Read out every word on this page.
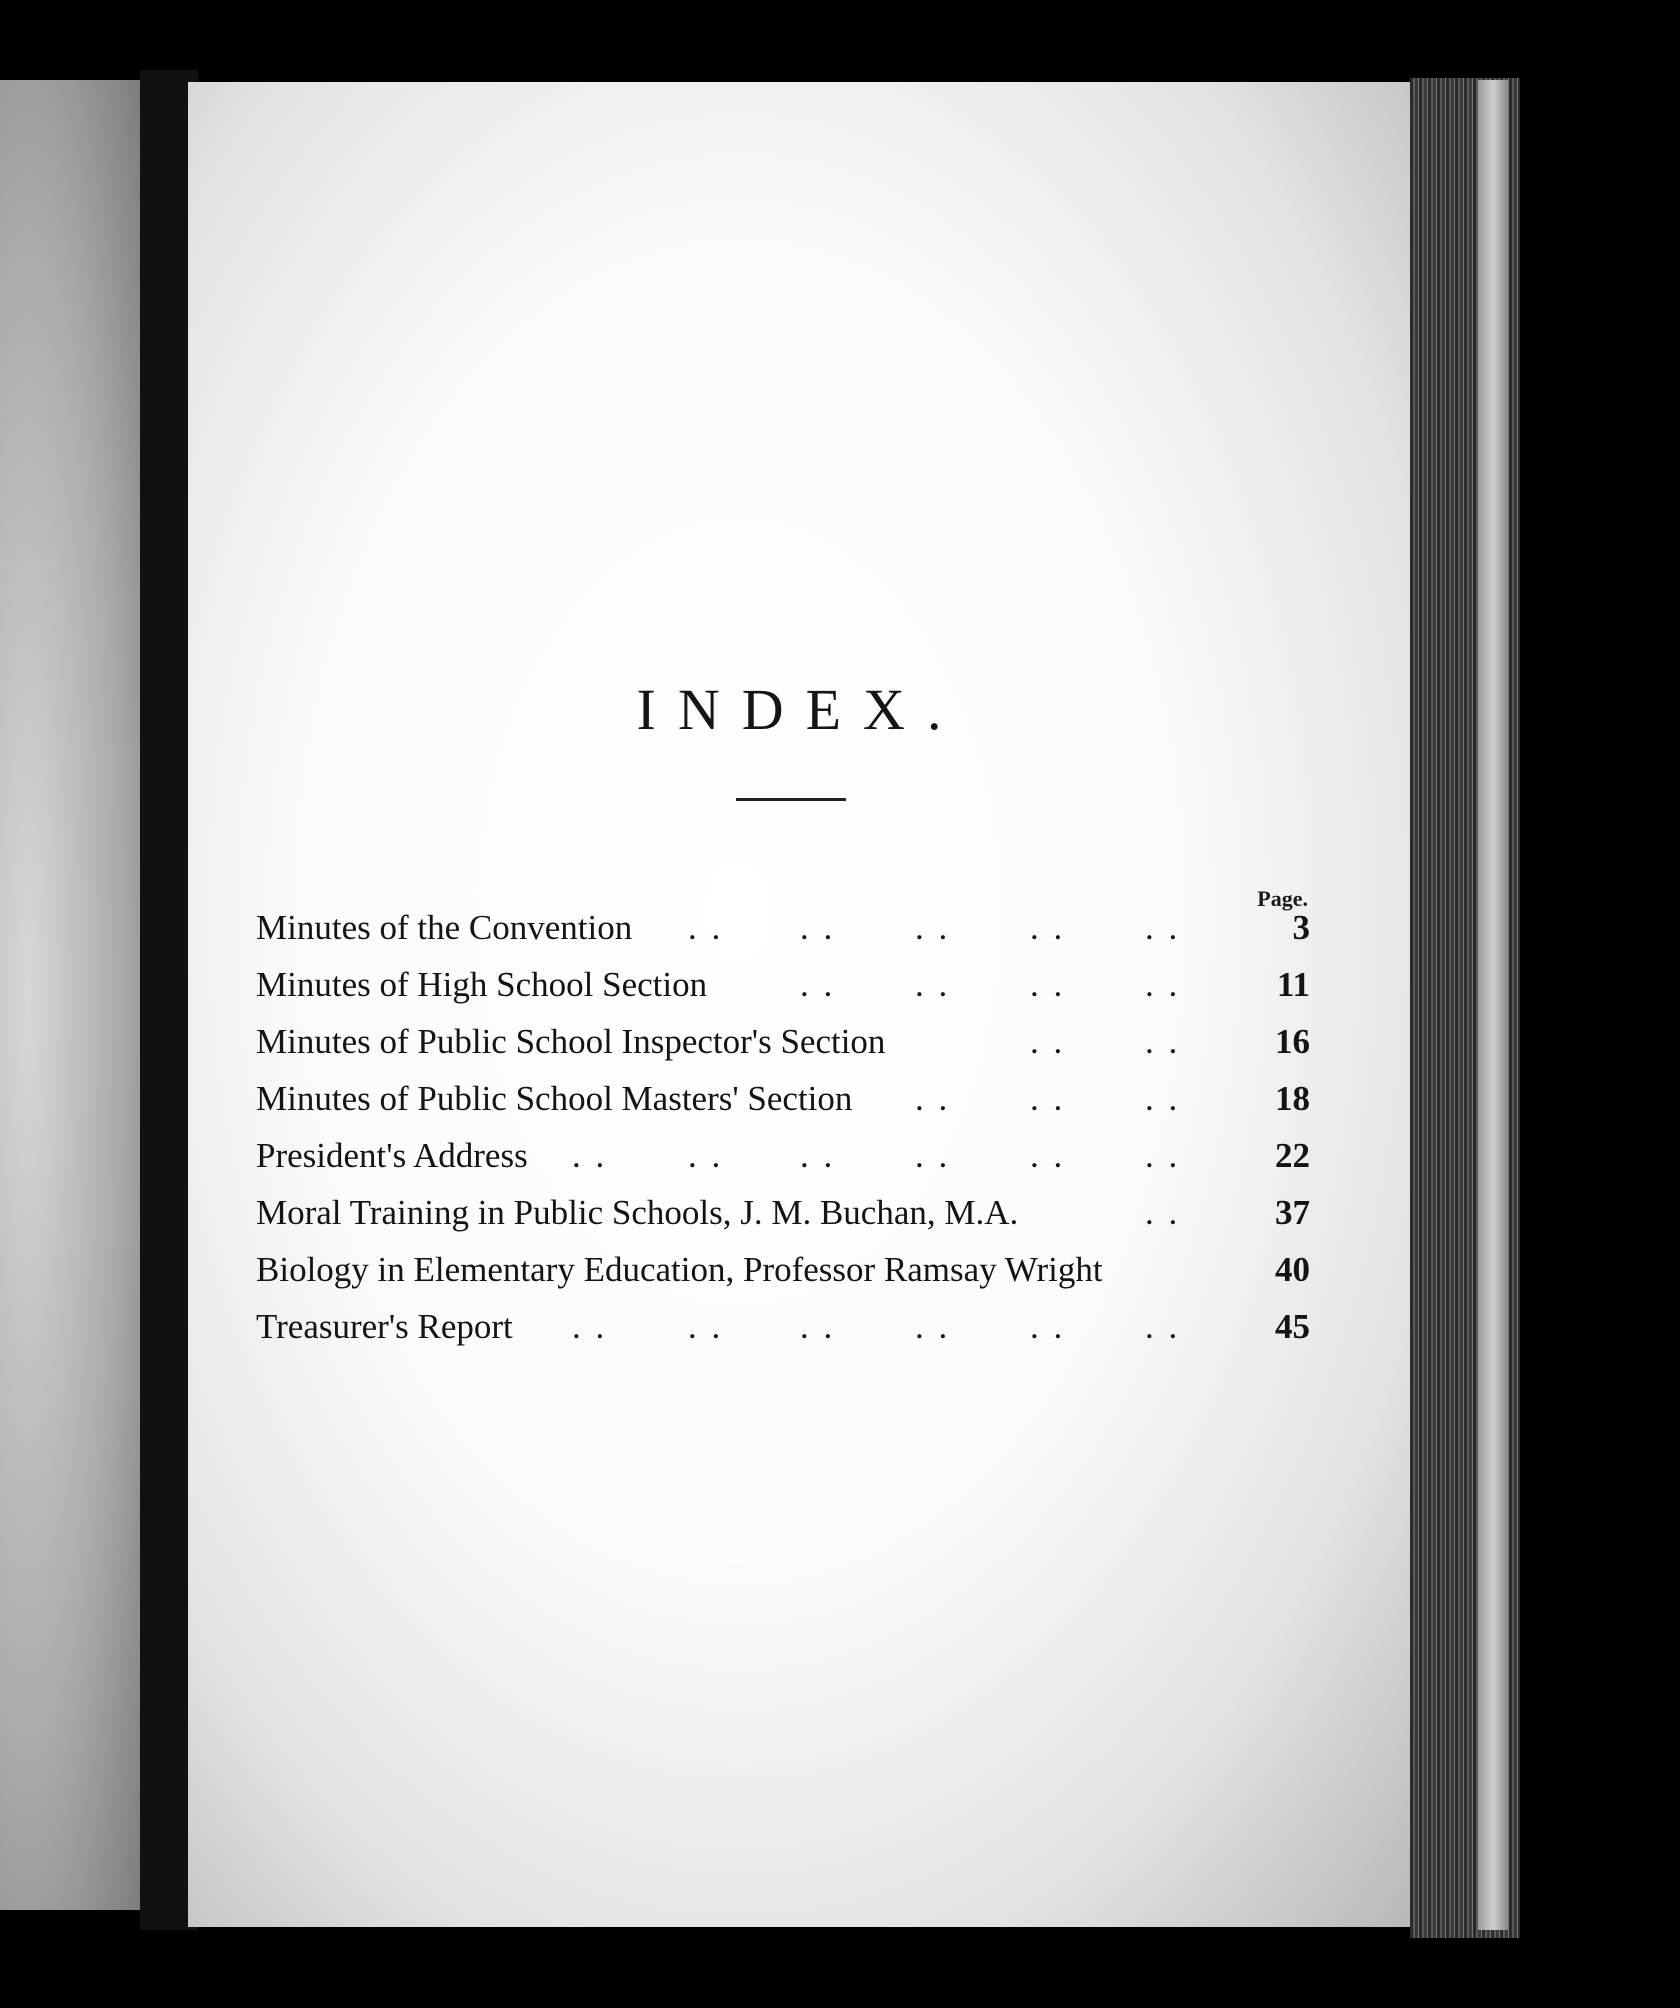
INDEX.
Page.
Minutes of the Convention	3
. .
. .
. .
. .
. .
Minutes of High School Section	11
. .
. .
. .
. .
Minutes of Public School Inspector's Section	16
. .
. .
Minutes of Public School Masters' Section	18
. .
. .
. .
President's Address	22
. .
. .
. .
. .
. .
. .
Moral Training in Public Schools, J. M. Buchan, M.A.	37
. .
Biology in Elementary Education, Professor Ramsay Wright	40
Treasurer's Report	45
. .
. .
. .
. .
. .
. .
